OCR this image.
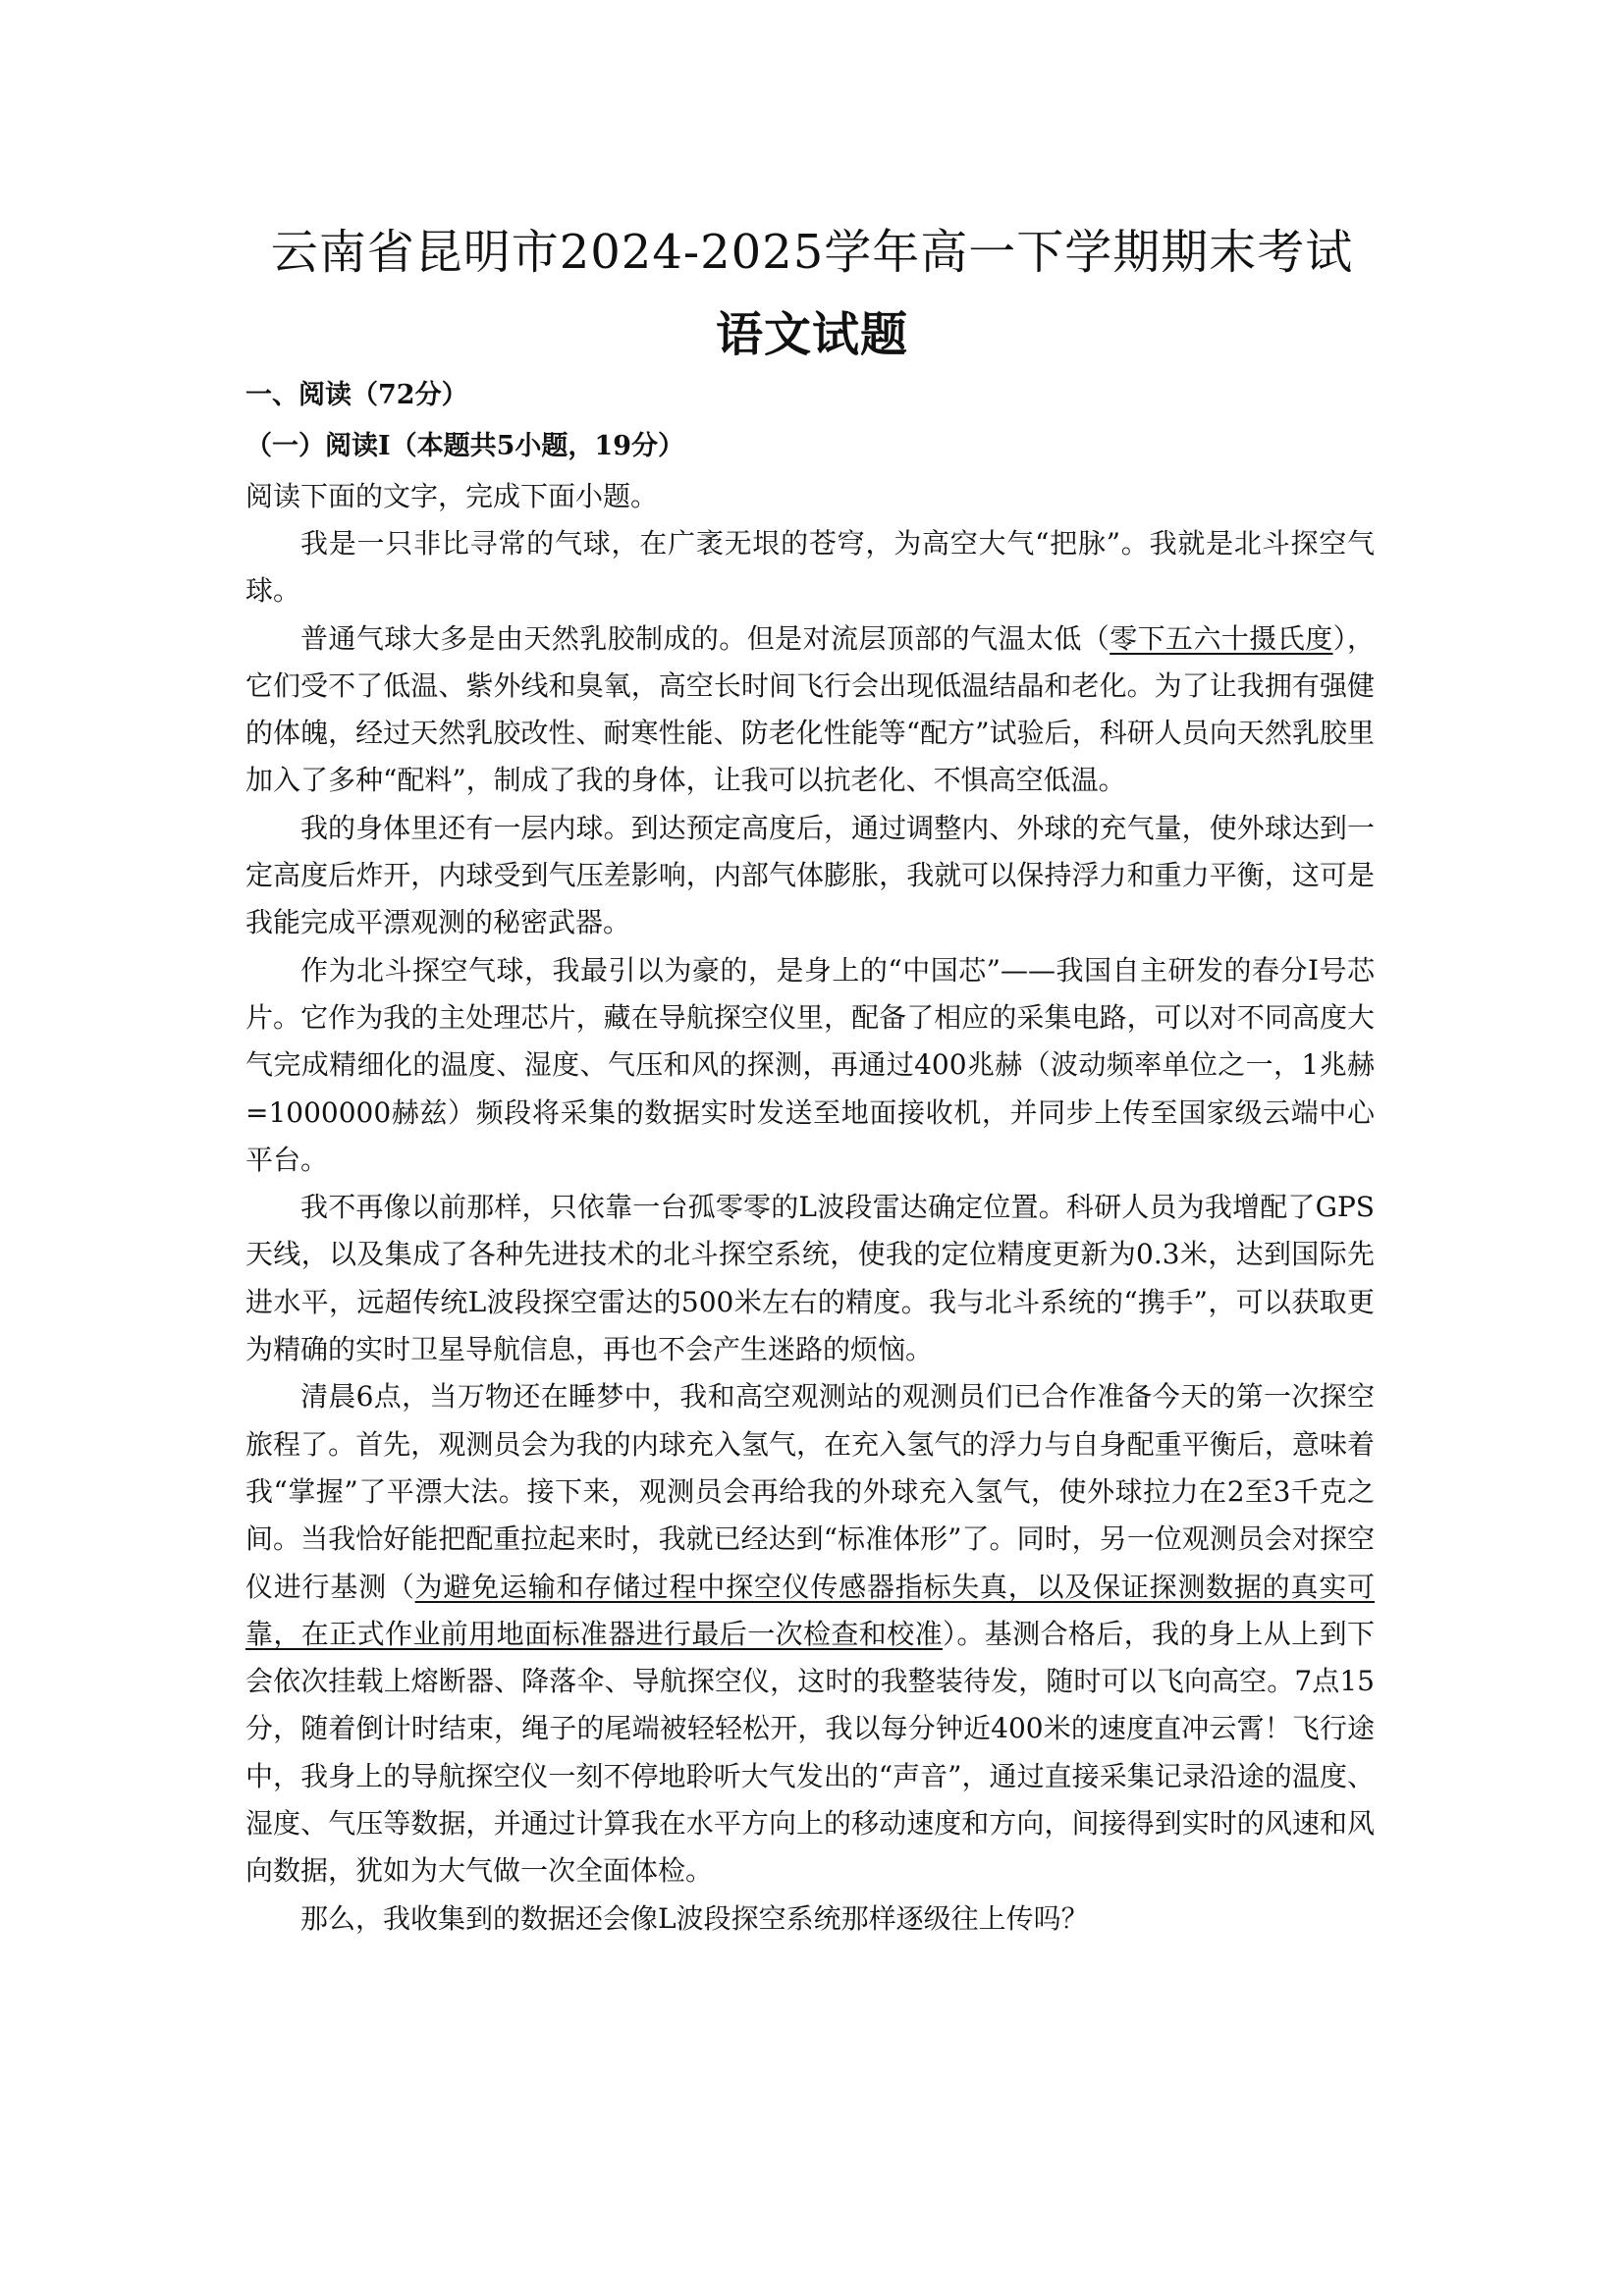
云南省昆明市2024-2025学年高一下学期期末考试
语文试题
一、阅读（72分）
（一）阅读Ⅰ（本题共5小题，19分）
阅读下面的文字，完成下面小题。

我是一只非比寻常的气球，在广袤无垠的苍穹，为高空大气“把脉”。我就是北斗探空气球。

普通气球大多是由天然乳胶制成的。但是对流层顶部的气温太低（零下五六十摄氏度），它们受不了低温、紫外线和臭氧，高空长时间飞行会出现低温结晶和老化。为了让我拥有强健的体魄，经过天然乳胶改性、耐寒性能、防老化性能等“配方”试验后，科研人员向天然乳胶里加入了多种“配料”，制成了我的身体，让我可以抗老化、不惧高空低温。

我的身体里还有一层内球。到达预定高度后，通过调整内、外球的充气量，使外球达到一定高度后炸开，内球受到气压差影响，内部气体膨胀，我就可以保持浮力和重力平衡，这可是我能完成平漂观测的秘密武器。

作为北斗探空气球，我最引以为豪的，是身上的“中国芯”——我国自主研发的春分Ⅰ号芯片。它作为我的主处理芯片，藏在导航探空仪里，配备了相应的采集电路，可以对不同高度大气完成精细化的温度、湿度、气压和风的探测，再通过400兆赫（波动频率单位之一，1兆赫=1000000赫兹）频段将采集的数据实时发送至地面接收机，并同步上传至国家级云端中心平台。

我不再像以前那样，只依靠一台孤零零的L波段雷达确定位置。科研人员为我增配了GPS天线，以及集成了各种先进技术的北斗探空系统，使我的定位精度更新为0.3米，达到国际先进水平，远超传统L波段探空雷达的500米左右的精度。我与北斗系统的“携手”，可以获取更为精确的实时卫星导航信息，再也不会产生迷路的烦恼。

清晨6点，当万物还在睡梦中，我和高空观测站的观测员们已合作准备今天的第一次探空旅程了。首先，观测员会为我的内球充入氢气，在充入氢气的浮力与自身配重平衡后，意味着我“掌握”了平漂大法。接下来，观测员会再给我的外球充入氢气，使外球拉力在2至3千克之间。当我恰好能把配重拉起来时，我就已经达到“标准体形”了。同时，另一位观测员会对探空仪进行基测（为避免运输和存储过程中探空仪传感器指标失真，以及保证探测数据的真实可靠，在正式作业前用地面标准器进行最后一次检查和校准）。基测合格后，我的身上从上到下会依次挂载上熔断器、降落伞、导航探空仪，这时的我整装待发，随时可以飞向高空。7点15分，随着倒计时结束，绳子的尾端被轻轻松开，我以每分钟近400米的速度直冲云霄！飞行途中，我身上的导航探空仪一刻不停地聆听大气发出的“声音”，通过直接采集记录沿途的温度、湿度、气压等数据，并通过计算我在水平方向上的移动速度和方向，间接得到实时的风速和风向数据，犹如为大气做一次全面体检。

那么，我收集到的数据还会像L波段探空系统那样逐级往上传吗？
